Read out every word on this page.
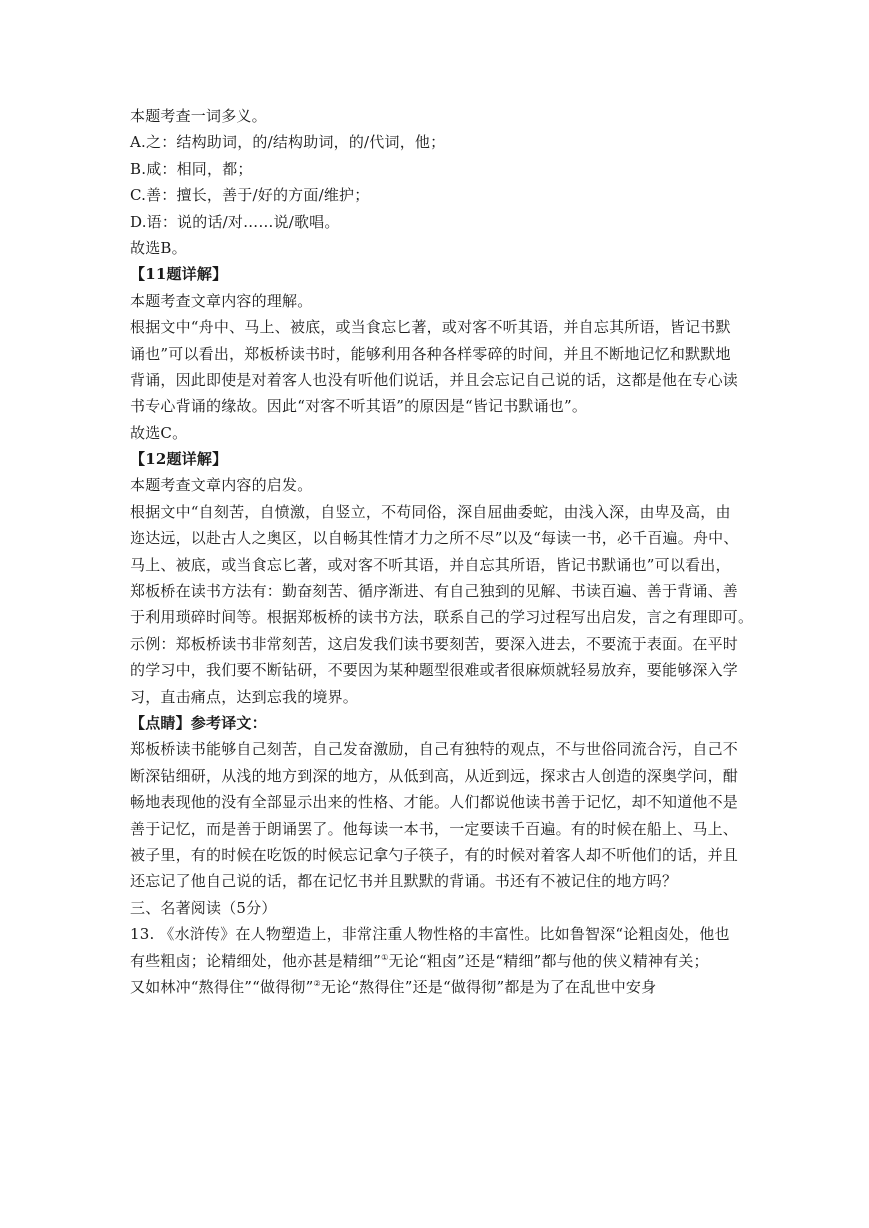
本题考查一词多义。
A.之：结构助词，的/结构助词，的/代词，他；
B.咸：相同，都；
C.善：擅长，善于/好的方面/维护；
D.语：说的话/对……说/歌唱。
故选B。
【11题详解】
本题考查文章内容的理解。
根据文中“舟中、马上、被底，或当食忘匕著，或对客不听其语，并自忘其所语，皆记书默
诵也”可以看出，郑板桥读书时，能够利用各种各样零碎的时间，并且不断地记忆和默默地
背诵，因此即使是对着客人也没有听他们说话，并且会忘记自己说的话，这都是他在专心读
书专心背诵的缘故。因此“对客不听其语”的原因是“皆记书默诵也”。
故选C。
【12题详解】
本题考查文章内容的启发。
根据文中“自刻苦，自愤激，自竖立，不苟同俗，深自屈曲委蛇，由浅入深，由卑及高，由
迩达远，以赴古人之奥区，以自畅其性情才力之所不尽”以及“每读一书，必千百遍。舟中、
马上、被底，或当食忘匕著，或对客不听其语，并自忘其所语，皆记书默诵也”可以看出，
郑板桥在读书方法有：勤奋刻苦、循序渐进、有自己独到的见解、书读百遍、善于背诵、善
于利用琐碎时间等。根据郑板桥的读书方法，联系自己的学习过程写出启发，言之有理即可。
示例：郑板桥读书非常刻苦，这启发我们读书要刻苦，要深入进去，不要流于表面。在平时
的学习中，我们要不断钻研，不要因为某种题型很难或者很麻烦就轻易放弃，要能够深入学
习，直击痛点，达到忘我的境界。
【点睛】参考译文：
郑板桥读书能够自己刻苦，自己发奋激励，自己有独特的观点，不与世俗同流合污，自己不
断深钻细研，从浅的地方到深的地方，从低到高，从近到远，探求古人创造的深奥学问，酣
畅地表现他的没有全部显示出来的性格、才能。人们都说他读书善于记忆，却不知道他不是
善于记忆，而是善于朗诵罢了。他每读一本书，一定要读千百遍。有的时候在船上、马上、
被子里，有的时候在吃饭的时候忘记拿勺子筷子，有的时候对着客人却不听他们的话，并且
还忘记了他自己说的话，都在记忆书并且默默的背诵。书还有不被记住的地方吗？
三、名著阅读（5分）
13. 《水浒传》在人物塑造上，非常注重人物性格的丰富性。比如鲁智深“论粗卤处，他也
有些粗卤；论精细处，他亦甚是精细”①无论“粗卤”还是“精细”都与他的侠义精神有关；
又如林冲“熬得住”“做得彻”②无论“熬得住”还是“做得彻”都是为了在乱世中安身
